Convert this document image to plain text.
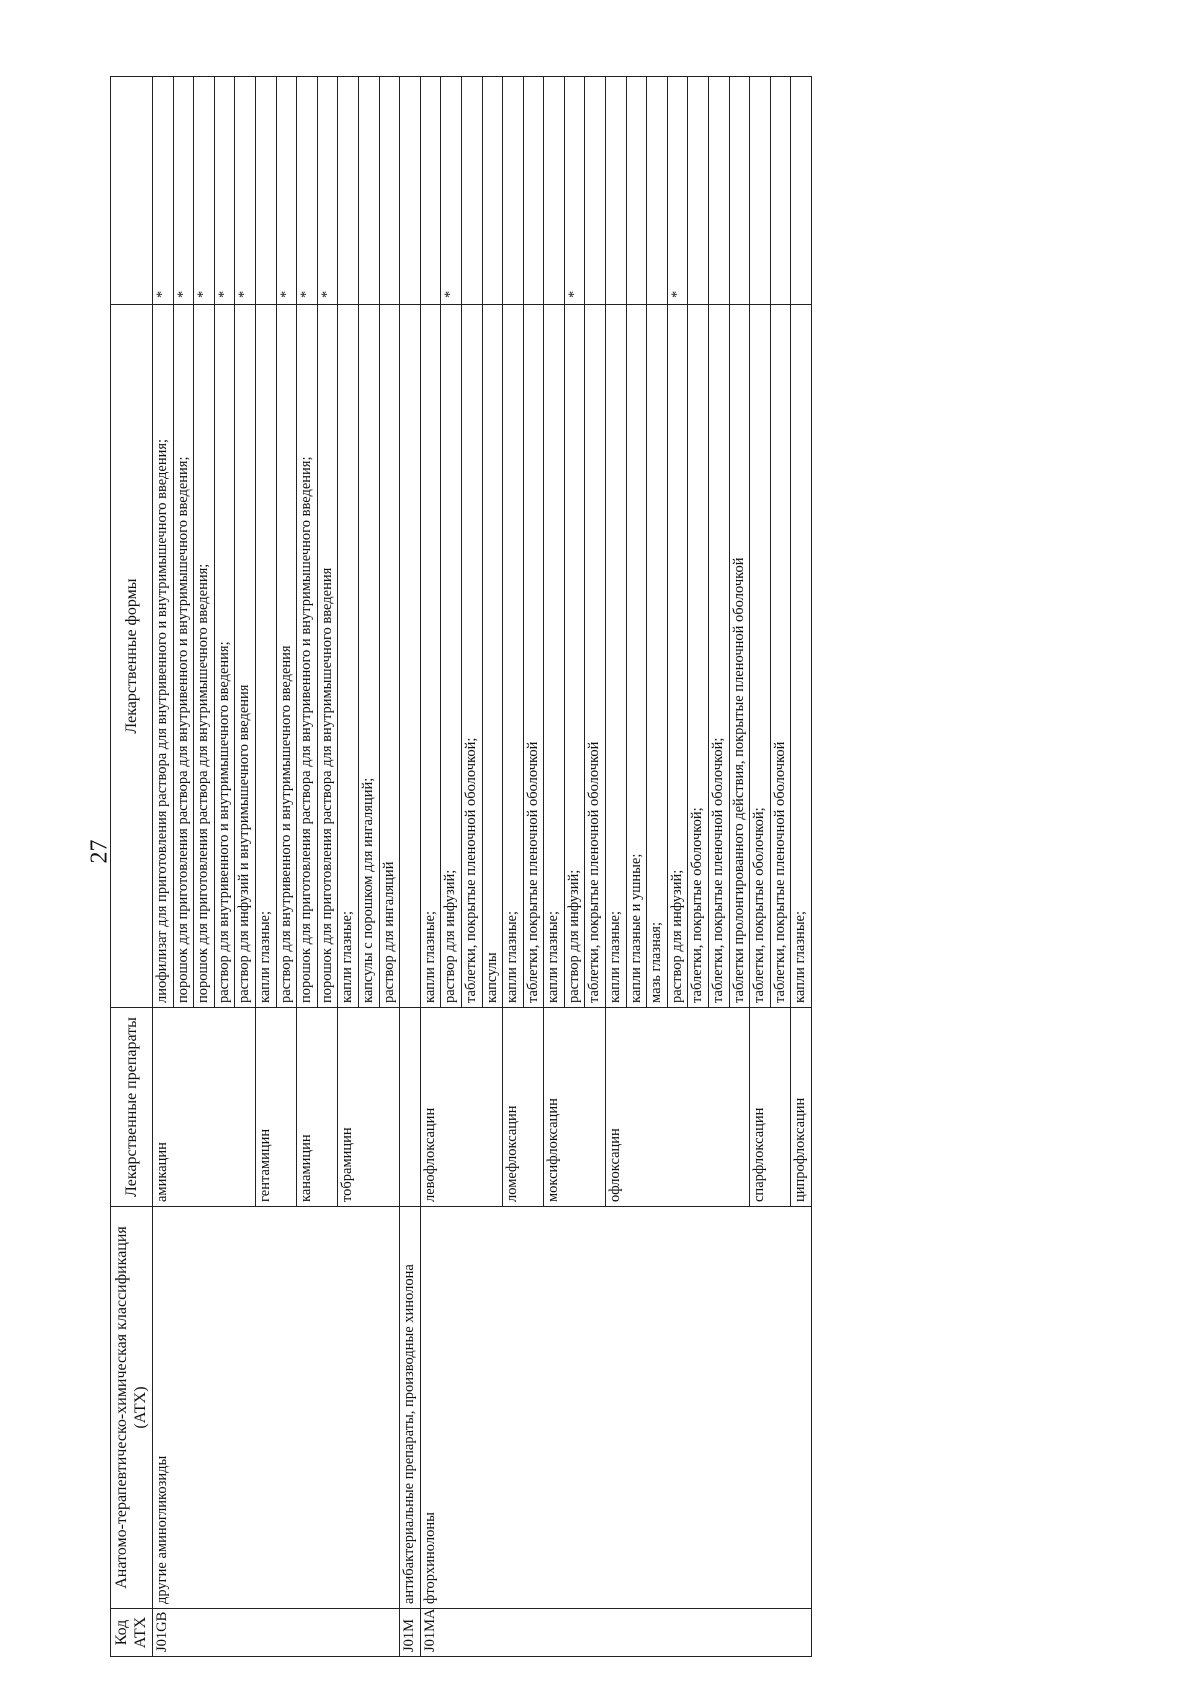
27
Код АТХ	Анатомо-терапевтическо-химическая классификация (АТХ)	Лекарственные препараты	Лекарственные формы	
J01GB	другие аминогликозиды	амикацин	лиофилизат для приготовления раствора для внутривенного и внутримышечного введения;	*
			порошок для приготовления раствора для внутривенного и внутримышечного введения;	*
			порошок для приготовления раствора для внутримышечного введения;	*
			раствор для внутривенного и внутримышечного введения;	*
			раствор для инфузий и внутримышечного введения	*
		гентамицин	капли глазные;	
			раствор для внутривенного и внутримышечного введения	*
		канамицин	порошок для приготовления раствора для внутривенного и внутримышечного введения;	*
			порошок для приготовления раствора для внутримышечного введения	*
		тобрамицин	капли глазные;	
			капсулы с порошком для ингаляций;	
			раствор для ингаляций	
J01M	антибактериальные препараты, производные хинолона			
J01MA	фторхинолоны	левофлоксацин	капли глазные;	
			раствор для инфузий;	*
			таблетки, покрытые пленочной оболочкой;	
			капсулы	
		ломефлоксацин	капли глазные;	
			таблетки, покрытые пленочной оболочкой	
		моксифлоксацин	капли глазные;	
			раствор для инфузий;	*
			таблетки, покрытые пленочной оболочкой	
		офлоксацин	капли глазные;	
			капли глазные и ушные;	
			мазь глазная;	
			раствор для инфузий;	*
			таблетки, покрытые оболочкой;	
			таблетки, покрытые пленочной оболочкой;	
			таблетки пролонгированного действия, покрытые пленочной оболочкой	
		спарфлоксацин	таблетки, покрытые оболочкой;	
			таблетки, покрытые пленочной оболочкой	
		ципрофлоксацин	капли глазные;	
